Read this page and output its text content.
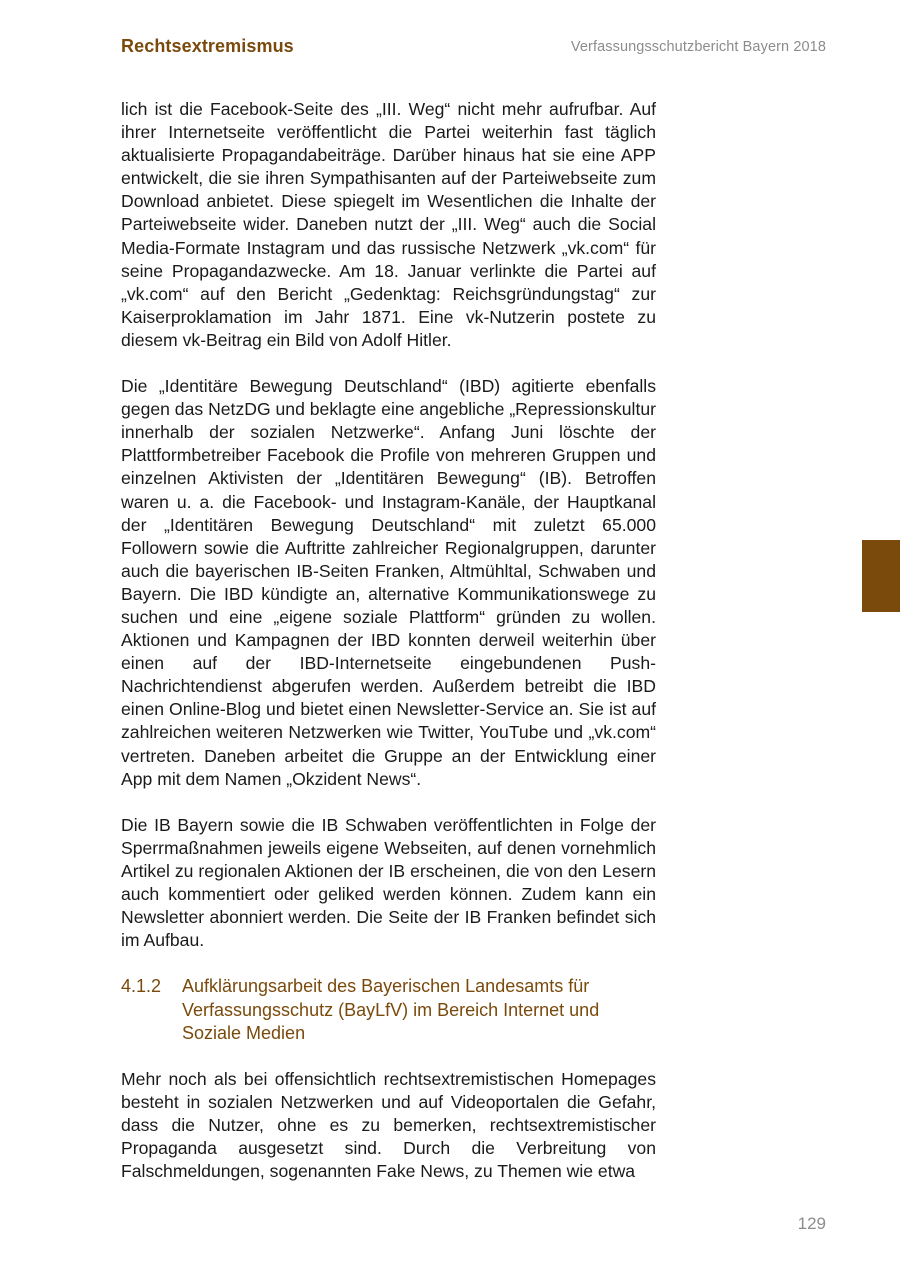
Rechtsextremismus	Verfassungsschutzbericht Bayern 2018

lich ist die Facebook-Seite des „III. Weg“ nicht mehr aufrufbar. Auf ihrer Internetseite veröffentlicht die Partei weiterhin fast täglich aktualisierte Propagandabeiträge. Darüber hinaus hat sie eine APP entwickelt, die sie ihren Sympathisanten auf der Parteiwebseite zum Download anbietet. Diese spiegelt im Wesentlichen die Inhalte der Parteiwebseite wider. Daneben nutzt der „III. Weg“ auch die Social Media-Formate Instagram und das russische Netzwerk „vk.com“ für seine Propagandazwecke. Am 18. Januar verlinkte die Partei auf „vk.com“ auf den Bericht „Gedenktag: Reichsgründungstag“ zur Kaiserproklamation im Jahr 1871. Eine vk-Nutzerin postete zu diesem vk-Beitrag ein Bild von Adolf Hitler.

Die „Identitäre Bewegung Deutschland“ (IBD) agitierte ebenfalls gegen das NetzDG und beklagte eine angebliche „Repressionskultur innerhalb der sozialen Netzwerke“. Anfang Juni löschte der Plattformbetreiber Facebook die Profile von mehreren Gruppen und einzelnen Aktivisten der „Identitären Bewegung“ (IB). Betroffen waren u. a. die Facebook- und Instagram-Kanäle, der Hauptkanal der „Identitären Bewegung Deutschland“ mit zuletzt 65.000 Followern sowie die Auftritte zahlreicher Regionalgruppen, darunter auch die bayerischen IB-Seiten Franken, Altmühltal, Schwaben und Bayern. Die IBD kündigte an, alternative Kommunikationswege zu suchen und eine „eigene soziale Plattform“ gründen zu wollen. Aktionen und Kampagnen der IBD konnten derweil weiterhin über einen auf der IBD-Internetseite eingebundenen Push-Nachrichtendienst abgerufen werden. Außerdem betreibt die IBD einen Online-Blog und bietet einen Newsletter-Service an. Sie ist auf zahlreichen weiteren Netzwerken wie Twitter, YouTube und „vk.com“ vertreten. Daneben arbeitet die Gruppe an der Entwicklung einer App mit dem Namen „Okzident News“.

Die IB Bayern sowie die IB Schwaben veröffentlichten in Folge der Sperrmaßnahmen jeweils eigene Webseiten, auf denen vornehmlich Artikel zu regionalen Aktionen der IB erscheinen, die von den Lesern auch kommentiert oder geliked werden können. Zudem kann ein Newsletter abonniert werden. Die Seite der IB Franken befindet sich im Aufbau.

4.1.2	Aufklärungsarbeit des Bayerischen Landesamts für Verfassungsschutz (BayLfV) im Bereich Internet und Soziale Medien

Mehr noch als bei offensichtlich rechtsextremistischen Homepages besteht in sozialen Netzwerken und auf Videoportalen die Gefahr, dass die Nutzer, ohne es zu bemerken, rechtsextremistischer Propaganda ausgesetzt sind. Durch die Verbreitung von Falschmeldungen, sogenannten Fake News, zu Themen wie etwa

129
